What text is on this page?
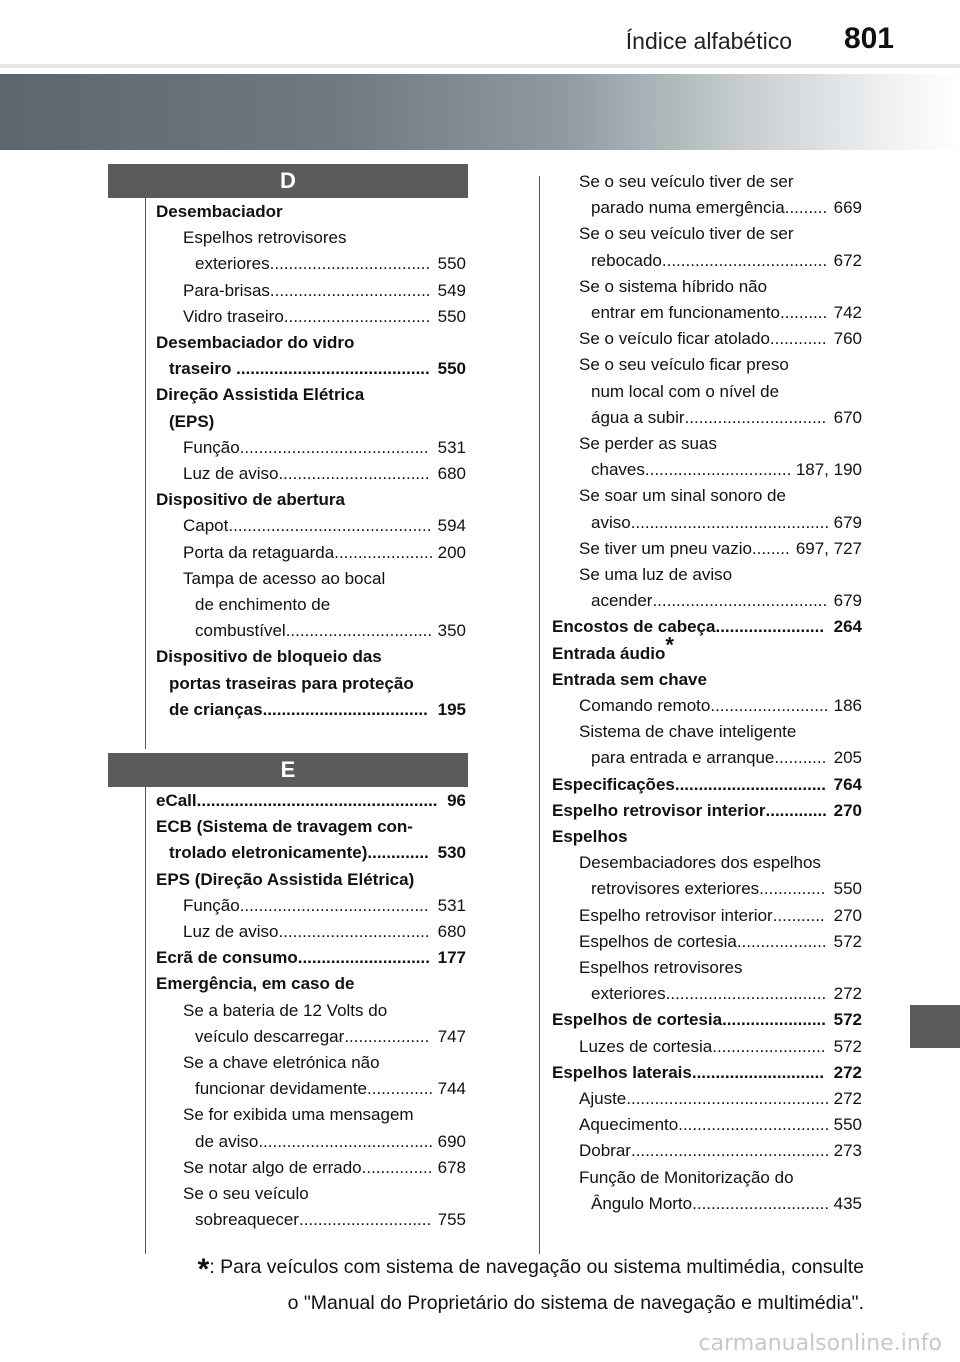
Índice alfabético 801
D
E
Desembaciador
Espelhos retrovisores
exteriores.................................. 550
Para-brisas.................................. 549
Vidro traseiro............................... 550
Desembaciador do vidro
traseiro ......................................... 550
Direção Assistida Elétrica
(EPS)
Função........................................ 531
Luz de aviso................................ 680
Dispositivo de abertura
Capot........................................... 594
Porta da retaguarda..................... 200
Tampa de acesso ao bocal
de enchimento de
combustível............................... 350
Dispositivo de bloqueio das
portas traseiras para proteção
de crianças................................... 195
eCall................................................... 96
ECB (Sistema de travagem con-
trolado eletronicamente)............. 530
EPS (Direção Assistida Elétrica)
Função........................................ 531
Luz de aviso................................ 680
Ecrã de consumo............................ 177
Emergência, em caso de
Se a bateria de 12 Volts do
veículo descarregar.................. 747
Se a chave eletrónica não
funcionar devidamente.............. 744
Se for exibida uma mensagem
de aviso..................................... 690
Se notar algo de errado............... 678
Se o seu veículo
sobreaquecer............................ 755
Se o seu veículo tiver de ser
parado numa emergência......... 669
Se o seu veículo tiver de ser
rebocado................................... 672
Se o sistema híbrido não
entrar em funcionamento.......... 742
Se o veículo ficar atolado............ 760
Se o seu veículo ficar preso
num local com o nível de
água a subir.............................. 670
Se perder as suas
chaves............................... 187, 190
Se soar um sinal sonoro de
aviso.......................................... 679
Se tiver um pneu vazio........ 697, 727
Se uma luz de aviso
acender..................................... 679
Encostos de cabeça....................... 264
Entrada áudio*
Entrada sem chave
Comando remoto......................... 186
Sistema de chave inteligente
para entrada e arranque........... 205
Especificações................................ 764
Espelho retrovisor interior............. 270
Espelhos
Desembaciadores dos espelhos
retrovisores exteriores.............. 550
Espelho retrovisor interior........... 270
Espelhos de cortesia................... 572
Espelhos retrovisores
exteriores.................................. 272
Espelhos de cortesia...................... 572
Luzes de cortesia........................ 572
Espelhos laterais............................ 272
Ajuste........................................... 272
Aquecimento................................ 550
Dobrar.......................................... 273
Função de Monitorização do
Ângulo Morto............................. 435
*: Para veículos com sistema de navegação ou sistema multimédia, consulte
o "Manual do Proprietário do sistema de navegação e multimédia".
carmanualsonline.info
